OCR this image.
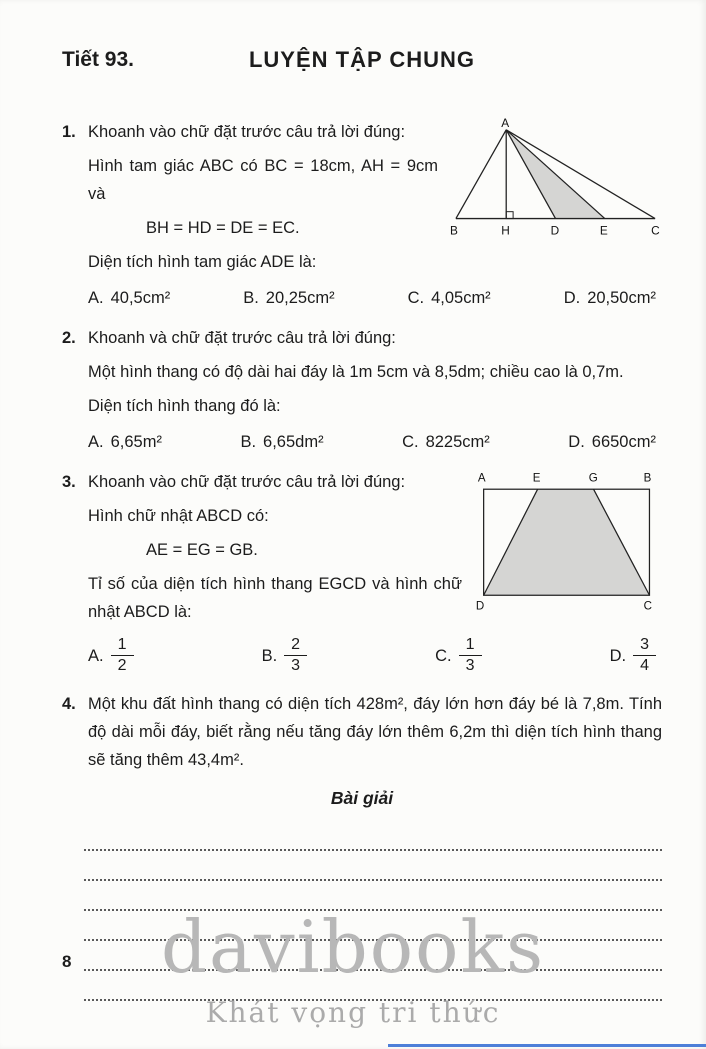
Tiết 93.	LUYỆN TẬP CHUNG
1. Khoanh vào chữ đặt trước câu trả lời đúng:

Hình tam giác ABC có BC = 18cm, AH = 9cm và

BH = HD = DE = EC.

Diện tích hình tam giác ADE là:

A
B	H	D	E	C
A. 40,5cm²	B. 20,25cm²	C. 4,05cm²	D. 20,50cm²
2. Khoanh và chữ đặt trước câu trả lời đúng:

Một hình thang có độ dài hai đáy là 1m 5cm và 8,5dm; chiều cao là 0,7m.

Diện tích hình thang đó là:

A. 6,65m²	B. 6,65dm²	C. 8225cm²	D. 6650cm²
3. Khoanh vào chữ đặt trước câu trả lời đúng:

Hình chữ nhật ABCD có:

AE = EG = GB.

Tỉ số của diện tích hình thang EGCD và hình chữ nhật ABCD là:

A	E	G	B
D	C
A. $\frac{1}{2}$	B. $\frac{2}{3}$	C. $\frac{1}{3}$	D. $\frac{3}{4}$
4. Một khu đất hình thang có diện tích 428m², đáy lớn hơn đáy bé là 7,8m. Tính độ dài mỗi đáy, biết rằng nếu tăng đáy lớn thêm 6,2m thì diện tích hình thang sẽ tăng thêm 43,4m².

Bài giải
8	davibooks
Khát vọng tri thức
